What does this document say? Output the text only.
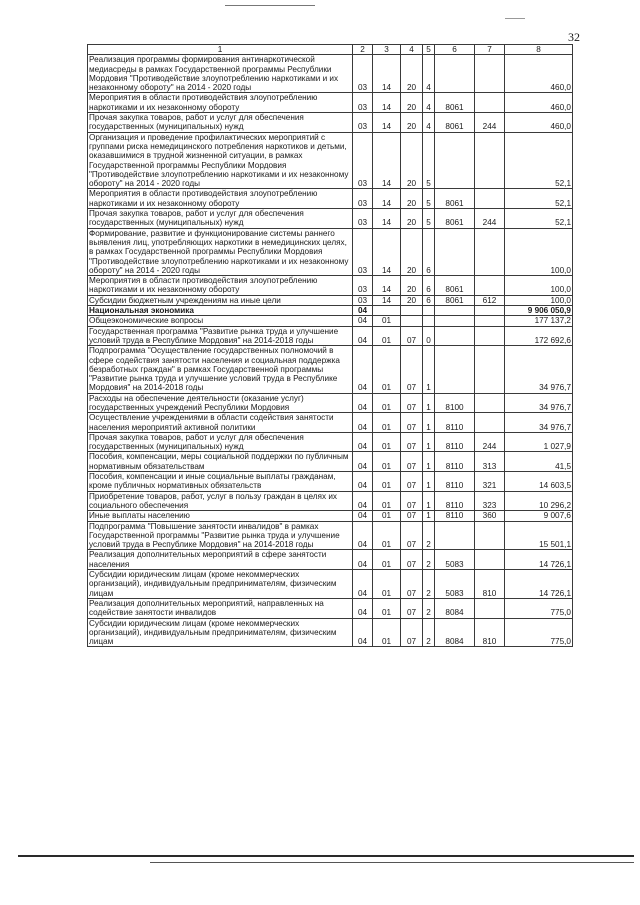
32
1	2	3	4	5	6	7	8
Реализация программы формирования антинаркотической медиасреды в рамках Государственной программы Республики Мордовия "Противодействие злоупотреблению наркотиками и их незаконному обороту" на 2014 - 2020 годы	03	14	20	4			460,0
Мероприятия в области противодействия злоупотреблению наркотиками и их незаконному обороту	03	14	20	4	8061		460,0
Прочая закупка товаров, работ и услуг для обеспечения государственных (муниципальных) нужд	03	14	20	4	8061	244	460,0
Организация и проведение профилактических мероприятий с группами риска немедицинского потребления наркотиков и детьми, оказавшимися в трудной жизненной ситуации, в рамках Государственной программы Республики Мордовия "Противодействие злоупотреблению наркотиками и их незаконному обороту" на 2014 - 2020 годы	03	14	20	5			52,1
Мероприятия в области противодействия злоупотреблению наркотиками и их незаконному обороту	03	14	20	5	8061		52,1
Прочая закупка товаров, работ и услуг для обеспечения государственных (муниципальных) нужд	03	14	20	5	8061	244	52,1
Формирование, развитие и функционирование системы раннего выявления лиц, употребляющих наркотики в немедицинских целях, в рамках Государственной программы Республики Мордовия "Противодействие злоупотреблению наркотиками и их незаконному обороту" на 2014 - 2020 годы	03	14	20	6			100,0
Мероприятия в области противодействия злоупотреблению наркотиками и их незаконному обороту	03	14	20	6	8061		100,0
Субсидии бюджетным учреждениям на иные цели	03	14	20	6	8061	612	100,0
Национальная экономика	04						9 906 050,9
Общеэкономические вопросы	04	01					177 137,2
Государственная программа "Развитие рынка труда и улучшение условий труда в Республике Мордовия" на 2014-2018 годы	04	01	07	0			172 692,6
Подпрограмма "Осуществление государственных полномочий в сфере содействия занятости населения и социальная поддержка безработных граждан" в рамках Государственной программы "Развитие рынка труда и улучшение условий труда в Республике Мордовия" на 2014-2018 годы	04	01	07	1			34 976,7
Расходы на обеспечение деятельности (оказание услуг) государственных учреждений Республики Мордовия	04	01	07	1	8100		34 976,7
Осуществление учреждениями в области содействия занятости населения мероприятий активной политики	04	01	07	1	8110		34 976,7
Прочая закупка товаров, работ и услуг для обеспечения государственных (муниципальных) нужд	04	01	07	1	8110	244	1 027,9
Пособия, компенсации, меры социальной поддержки по публичным нормативным обязательствам	04	01	07	1	8110	313	41,5
Пособия, компенсации и иные социальные выплаты гражданам, кроме публичных нормативных обязательств	04	01	07	1	8110	321	14 603,5
Приобретение товаров, работ, услуг в пользу граждан в целях их социального обеспечения	04	01	07	1	8110	323	10 296,2
Иные выплаты населению	04	01	07	1	8110	360	9 007,6
Подпрограмма "Повышение занятости инвалидов" в рамках Государственной программы "Развитие рынка труда и улучшение условий труда в Республике Мордовия" на 2014-2018 годы	04	01	07	2			15 501,1
Реализация дополнительных мероприятий в сфере занятости населения	04	01	07	2	5083		14 726,1
Субсидии юридическим лицам (кроме некоммерческих организаций), индивидуальным предпринимателям, физическим лицам	04	01	07	2	5083	810	14 726,1
Реализация дополнительных мероприятий, направленных на содействие занятости инвалидов	04	01	07	2	8084		775,0
Субсидии юридическим лицам (кроме некоммерческих организаций), индивидуальным предпринимателям, физическим лицам	04	01	07	2	8084	810	775,0
